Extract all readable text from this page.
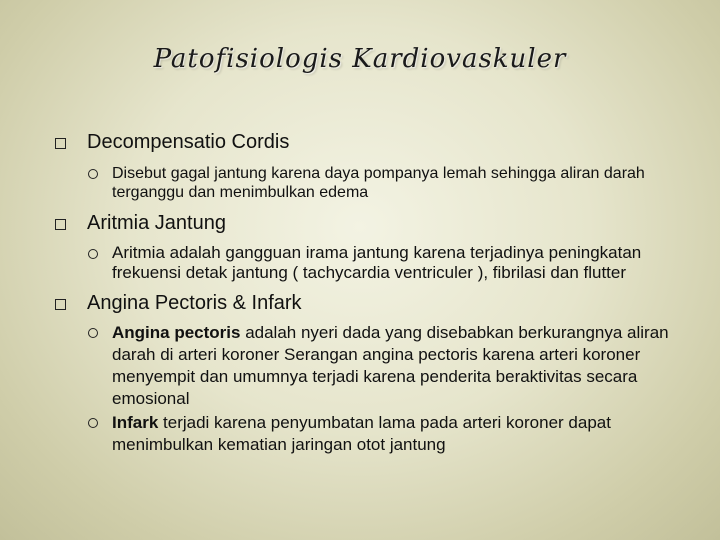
Patofisiologis Kardiovaskuler
Decompensatio Cordis
Disebut gagal jantung karena daya pompanya lemah sehingga aliran darah terganggu dan menimbulkan edema
Aritmia Jantung
Aritmia adalah gangguan irama jantung karena terjadinya peningkatan frekuensi detak jantung ( tachycardia ventriculer ), fibrilasi dan flutter
Angina Pectoris & Infark
Angina pectoris adalah nyeri dada yang disebabkan berkurangnya aliran darah di arteri koroner Serangan angina pectoris karena arteri koroner menyempit dan umumnya terjadi karena penderita beraktivitas secara emosional
Infark terjadi karena penyumbatan lama pada arteri koroner dapat menimbulkan kematian jaringan otot jantung
